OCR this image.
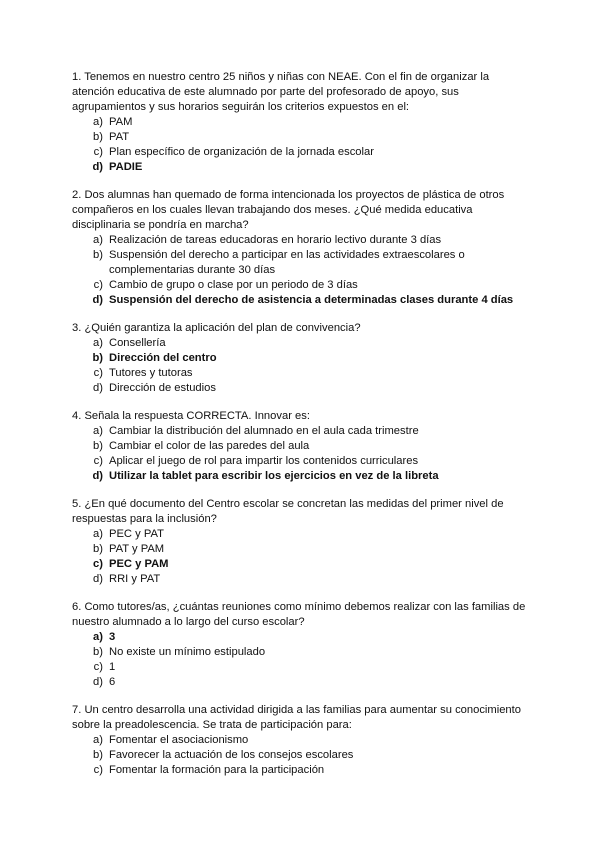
1. Tenemos en nuestro centro 25 niños y niñas con NEAE. Con el fin de organizar la atención educativa de este alumnado por parte del profesorado de apoyo, sus agrupamientos y sus horarios seguirán los criterios expuestos en el:
a) PAM
b) PAT
c) Plan específico de organización de la jornada escolar
d) PADIE
2. Dos alumnas han quemado de forma intencionada los proyectos de plástica de otros compañeros en los cuales llevan trabajando dos meses. ¿Qué medida educativa disciplinaria se pondría en marcha?
a) Realización de tareas educadoras en horario lectivo durante 3 días
b) Suspensión del derecho a participar en las actividades extraescolares o complementarias durante 30 días
c) Cambio de grupo o clase por un periodo de 3 días
d) Suspensión del derecho de asistencia a determinadas clases durante 4 días
3. ¿Quién garantiza la aplicación del plan de convivencia?
a) Consellería
b) Dirección del centro
c) Tutores y tutoras
d) Dirección de estudios
4. Señala la respuesta CORRECTA. Innovar es:
a) Cambiar la distribución del alumnado en el aula cada trimestre
b) Cambiar el color de las paredes del aula
c) Aplicar el juego de rol para impartir los contenidos curriculares
d) Utilizar la tablet para escribir los ejercicios en vez de la libreta
5. ¿En qué documento del Centro escolar se concretan las medidas del primer nivel de respuestas para la inclusión?
a) PEC y PAT
b) PAT y PAM
c) PEC y PAM
d) RRI y PAT
6. Como tutores/as, ¿cuántas reuniones como mínimo debemos realizar con las familias de nuestro alumnado a lo largo del curso escolar?
a) 3
b) No existe un mínimo estipulado
c) 1
d) 6
7. Un centro desarrolla una actividad dirigida a las familias para aumentar su conocimiento sobre la preadolescencia. Se trata de participación para:
a) Fomentar el asociacionismo
b) Favorecer la actuación de los consejos escolares
c) Fomentar la formación para la participación
